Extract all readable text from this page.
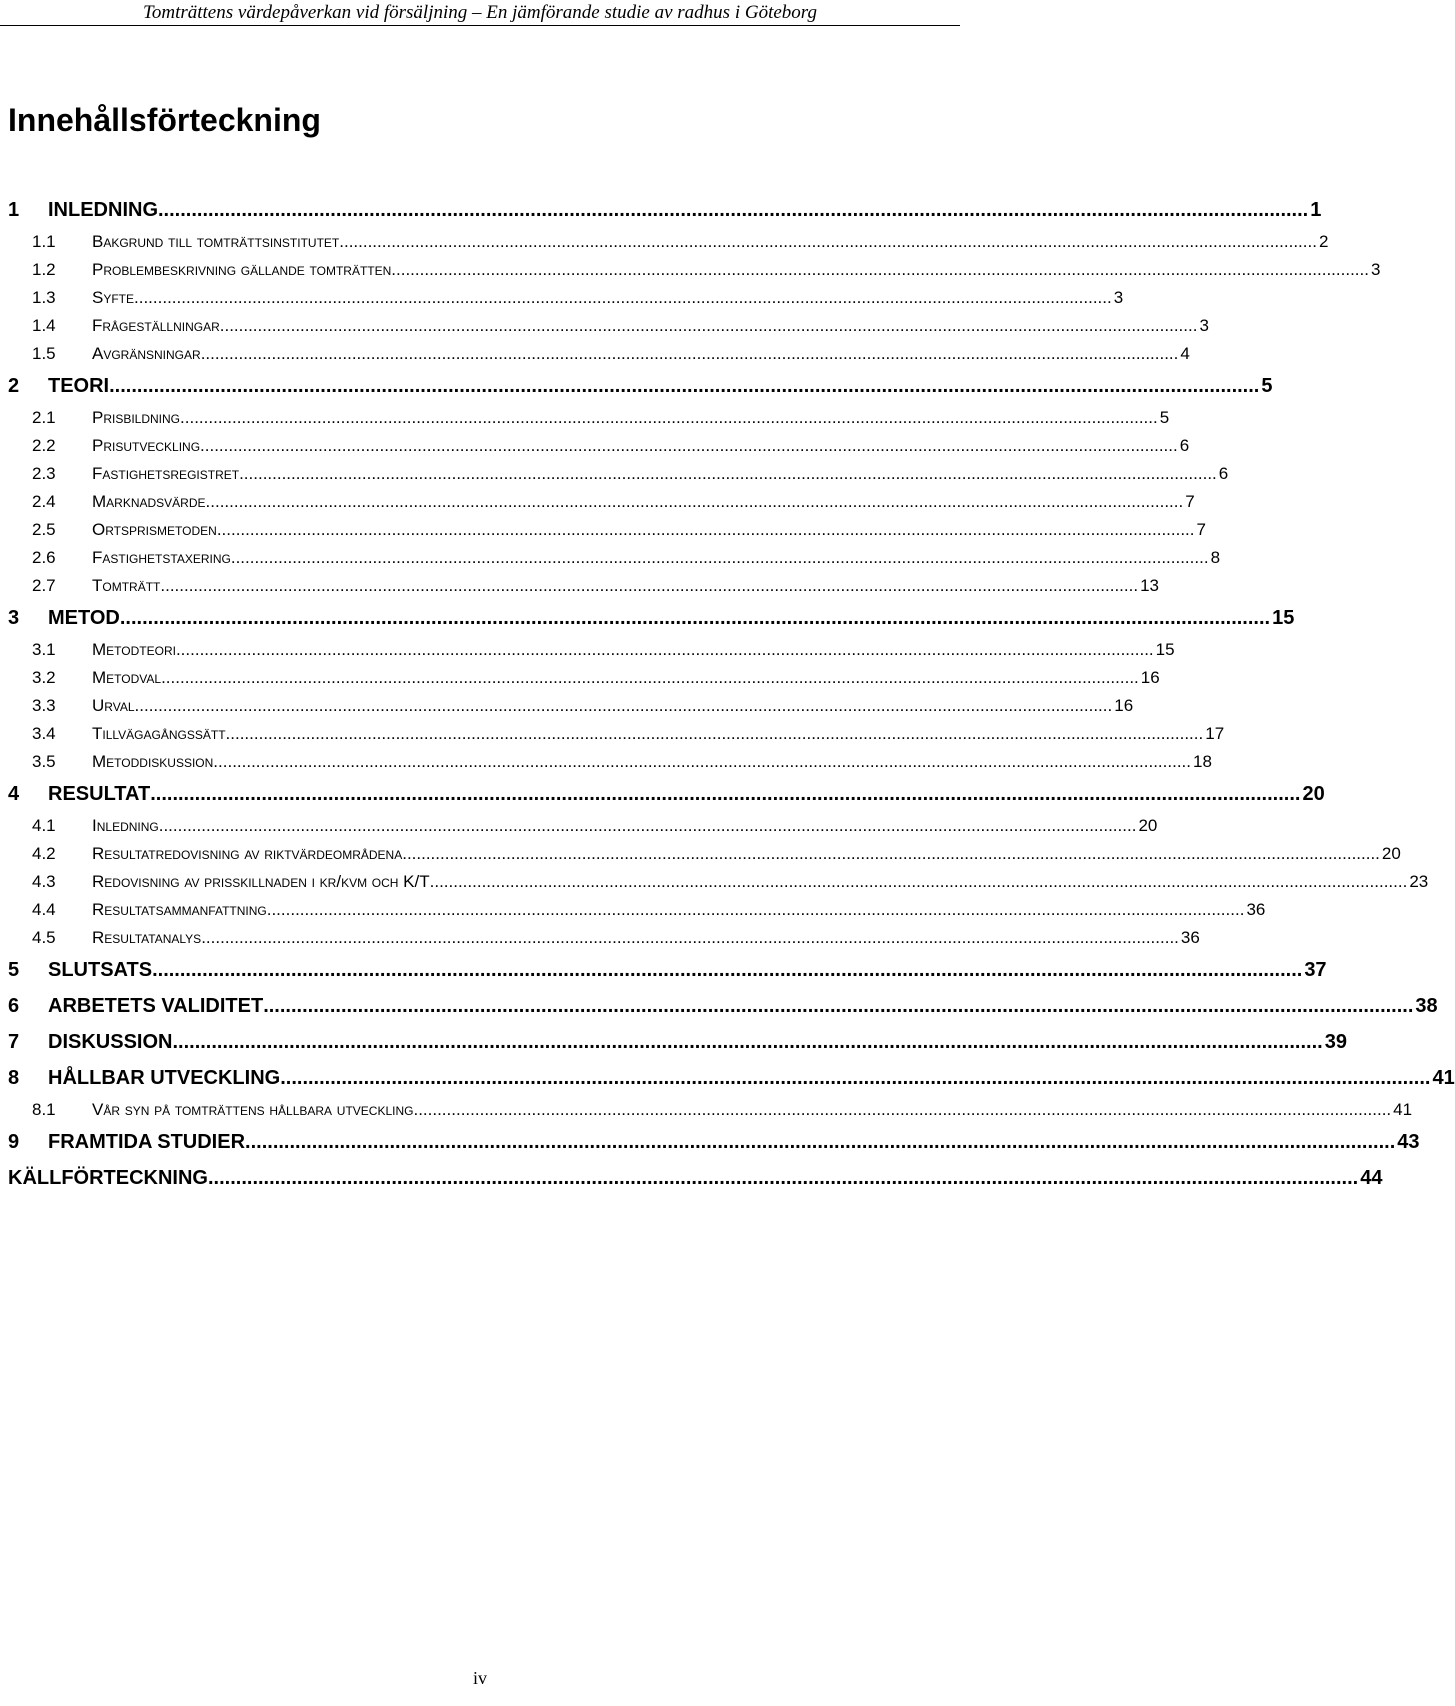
Tomträttens värdepåverkan vid försäljning – En jämförande studie av radhus i Göteborg
Innehållsförteckning
1 INLEDNING ............................................................................................................................................................................................................... 1
1.1 Bakgrund till tomträttsinstitutet ............................................................................................................................................................................................................... 2
1.2 Problembeskrivning gällande tomträtten ............................................................................................................................................................................................................... 3
1.3 Syfte ............................................................................................................................................................................................................... 3
1.4 Frågeställningar ............................................................................................................................................................................................................... 3
1.5 Avgränsningar ............................................................................................................................................................................................................... 4
2 TEORI ............................................................................................................................................................................................................... 5
2.1 Prisbildning ............................................................................................................................................................................................................... 5
2.2 Prisutveckling ............................................................................................................................................................................................................... 6
2.3 Fastighetsregistret ............................................................................................................................................................................................................... 6
2.4 Marknadsvärde ............................................................................................................................................................................................................... 7
2.5 Ortsprismetoden ............................................................................................................................................................................................................... 7
2.6 Fastighetstaxering ............................................................................................................................................................................................................... 8
2.7 Tomträtt ............................................................................................................................................................................................................... 13
3 METOD ............................................................................................................................................................................................................... 15
3.1 Metodteori ............................................................................................................................................................................................................... 15
3.2 Metodval ............................................................................................................................................................................................................... 16
3.3 Urval ............................................................................................................................................................................................................... 16
3.4 Tillvägagångssätt ............................................................................................................................................................................................................... 17
3.5 Metoddiskussion ............................................................................................................................................................................................................... 18
4 RESULTAT ............................................................................................................................................................................................................... 20
4.1 Inledning ............................................................................................................................................................................................................... 20
4.2 Resultatredovisning av riktvärdeområdena ............................................................................................................................................................................................................... 20
4.3 Redovisning av prisskillnaden i kr/kvm och K/T ............................................................................................................................................................................................................... 23
4.4 Resultatsammanfattning ............................................................................................................................................................................................................... 36
4.5 Resultatanalys ............................................................................................................................................................................................................... 36
5 SLUTSATS ............................................................................................................................................................................................................... 37
6 ARBETETS VALIDITET ............................................................................................................................................................................................................... 38
7 DISKUSSION ............................................................................................................................................................................................................... 39
8 HÅLLBAR UTVECKLING ............................................................................................................................................................................................................... 41
8.1 Vår syn på tomträttens hållbara utveckling ............................................................................................................................................................................................................... 41
9 FRAMTIDA STUDIER ............................................................................................................................................................................................................... 43
KÄLLFÖRTECKNING ............................................................................................................................................................................................................... 44
iv
